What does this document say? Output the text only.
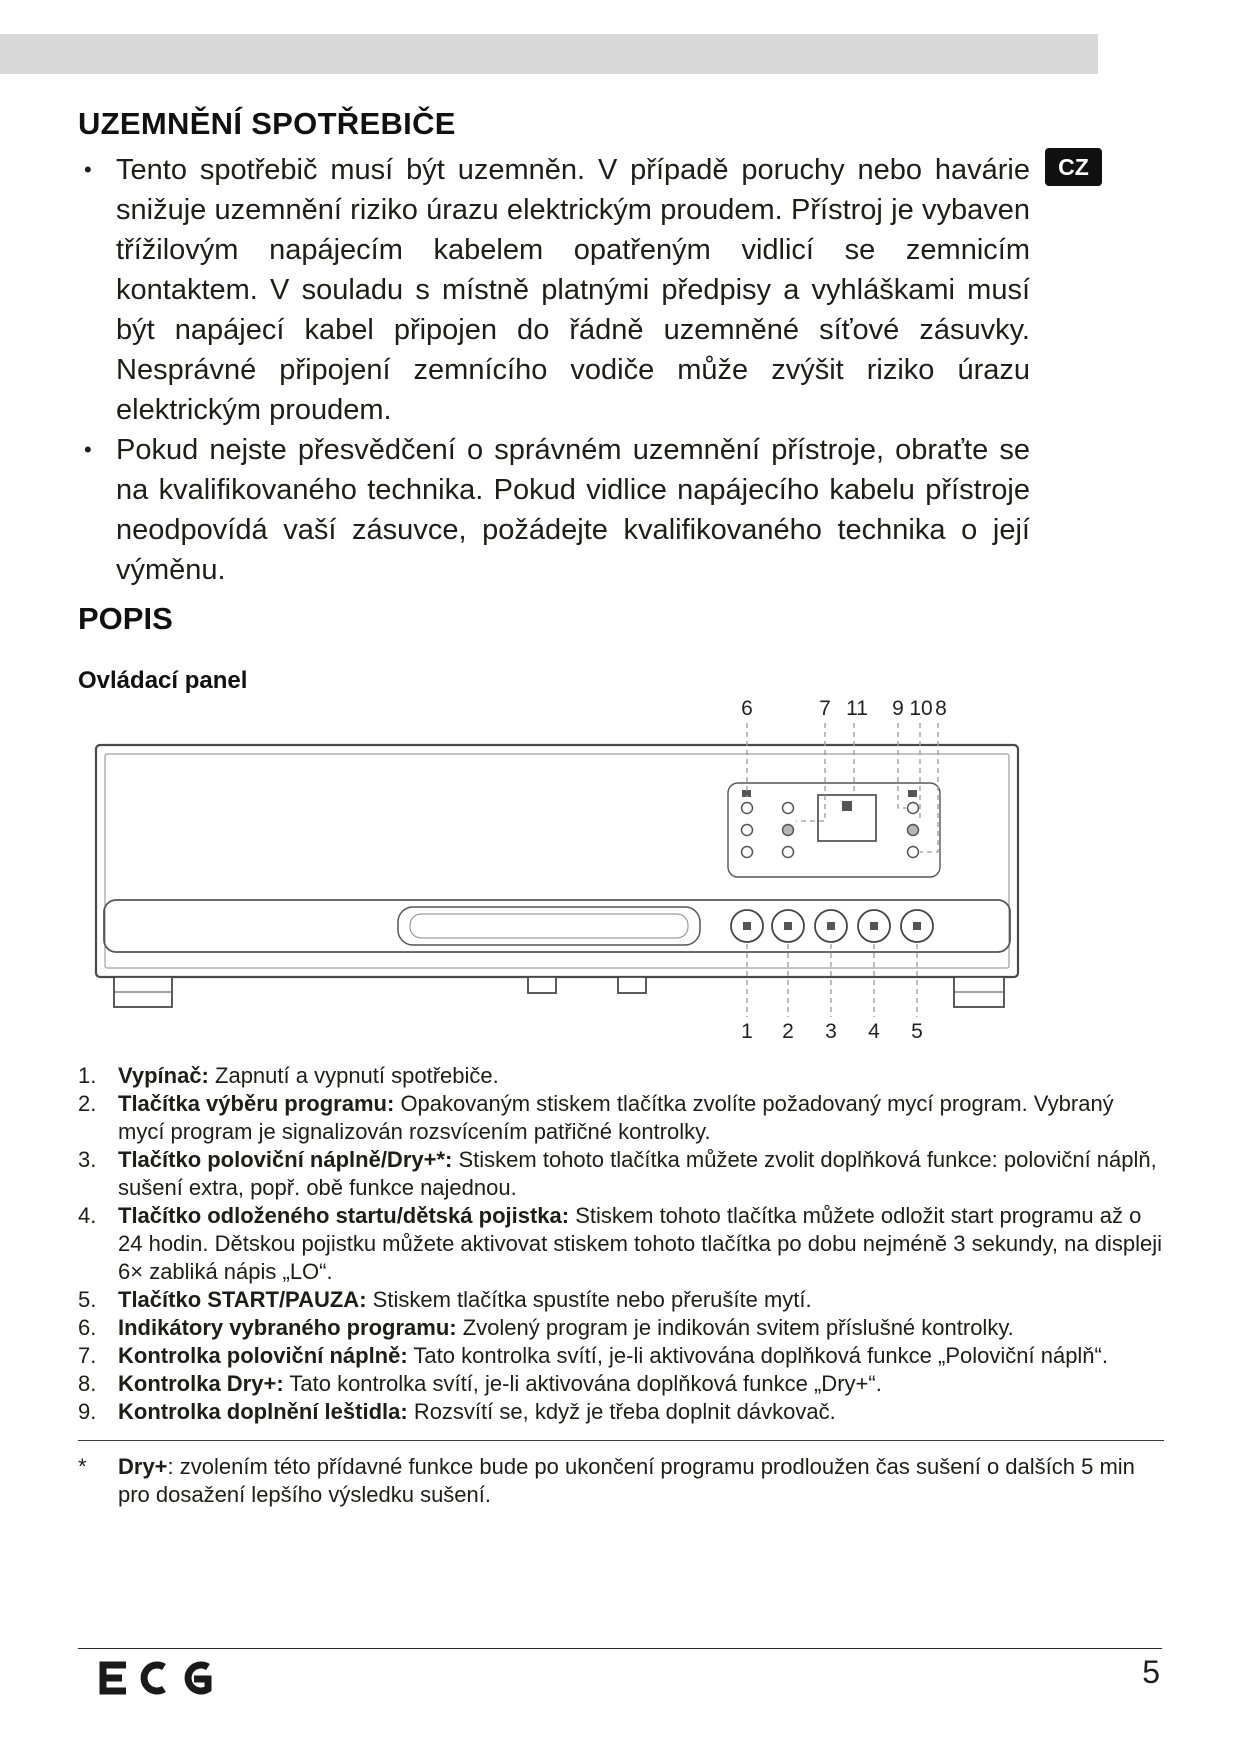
CZ
UZEMNĚNÍ SPOTŘEBIČE
• Tento spotřebič musí být uzemněn. V případě poruchy nebo havárie snižuje uzemnění riziko úrazu elektrickým proudem. Přístroj je vybaven třížilovým napájecím kabelem opatřeným vidlicí se zemnicím kontaktem. V souladu s místně platnými předpisy a vyhláškami musí být napájecí kabel připojen do řádně uzemněné síťové zásuvky. Nesprávné připojení zemnícího vodiče může zvýšit riziko úrazu elektrickým proudem.

• Pokud nejste přesvědčení o správném uzemnění přístroje, obraťte se na kvalifikovaného technika. Pokud vidlice napájecího kabelu přístroje neodpovídá vaší zásuvce, požádejte kvalifikovaného technika o její výměnu.

POPIS
Ovládací panel
6	7 11 9 10 8
1 2 3 4 5
1. Vypínač: Zapnutí a vypnutí spotřebiče.

2. Tlačítka výběru programu: Opakovaným stiskem tlačítka zvolíte požadovaný mycí program. Vybraný mycí program je signalizován rozsvícením patřičné kontrolky.

3. Tlačítko poloviční náplně/Dry+*: Stiskem tohoto tlačítka můžete zvolit doplňková funkce: poloviční náplň, sušení extra, popř. obě funkce najednou.

4. Tlačítko odloženého startu/dětská pojistka: Stiskem tohoto tlačítka můžete odložit start programu až o 24 hodin. Dětskou pojistku můžete aktivovat stiskem tohoto tlačítka po dobu nejméně 3 sekundy, na displeji 6× zabliká nápis „LO“.

5. Tlačítko START/PAUZA: Stiskem tlačítka spustíte nebo přerušíte mytí.

6. Indikátory vybraného programu: Zvolený program je indikován svitem příslušné kontrolky.

7. Kontrolka poloviční náplně: Tato kontrolka svítí, je-li aktivována doplňková funkce „Poloviční náplň“.

8. Kontrolka Dry+: Tato kontrolka svítí, je-li aktivována doplňková funkce „Dry+“.

9. Kontrolka doplnění leštidla: Rozsvítí se, když je třeba doplnit dávkovač.

*	Dry+: zvolením této přídavné funkce bude po ukončení programu prodloužen čas sušení o dalších 5 min pro dosažení lepšího výsledku sušení.

5
